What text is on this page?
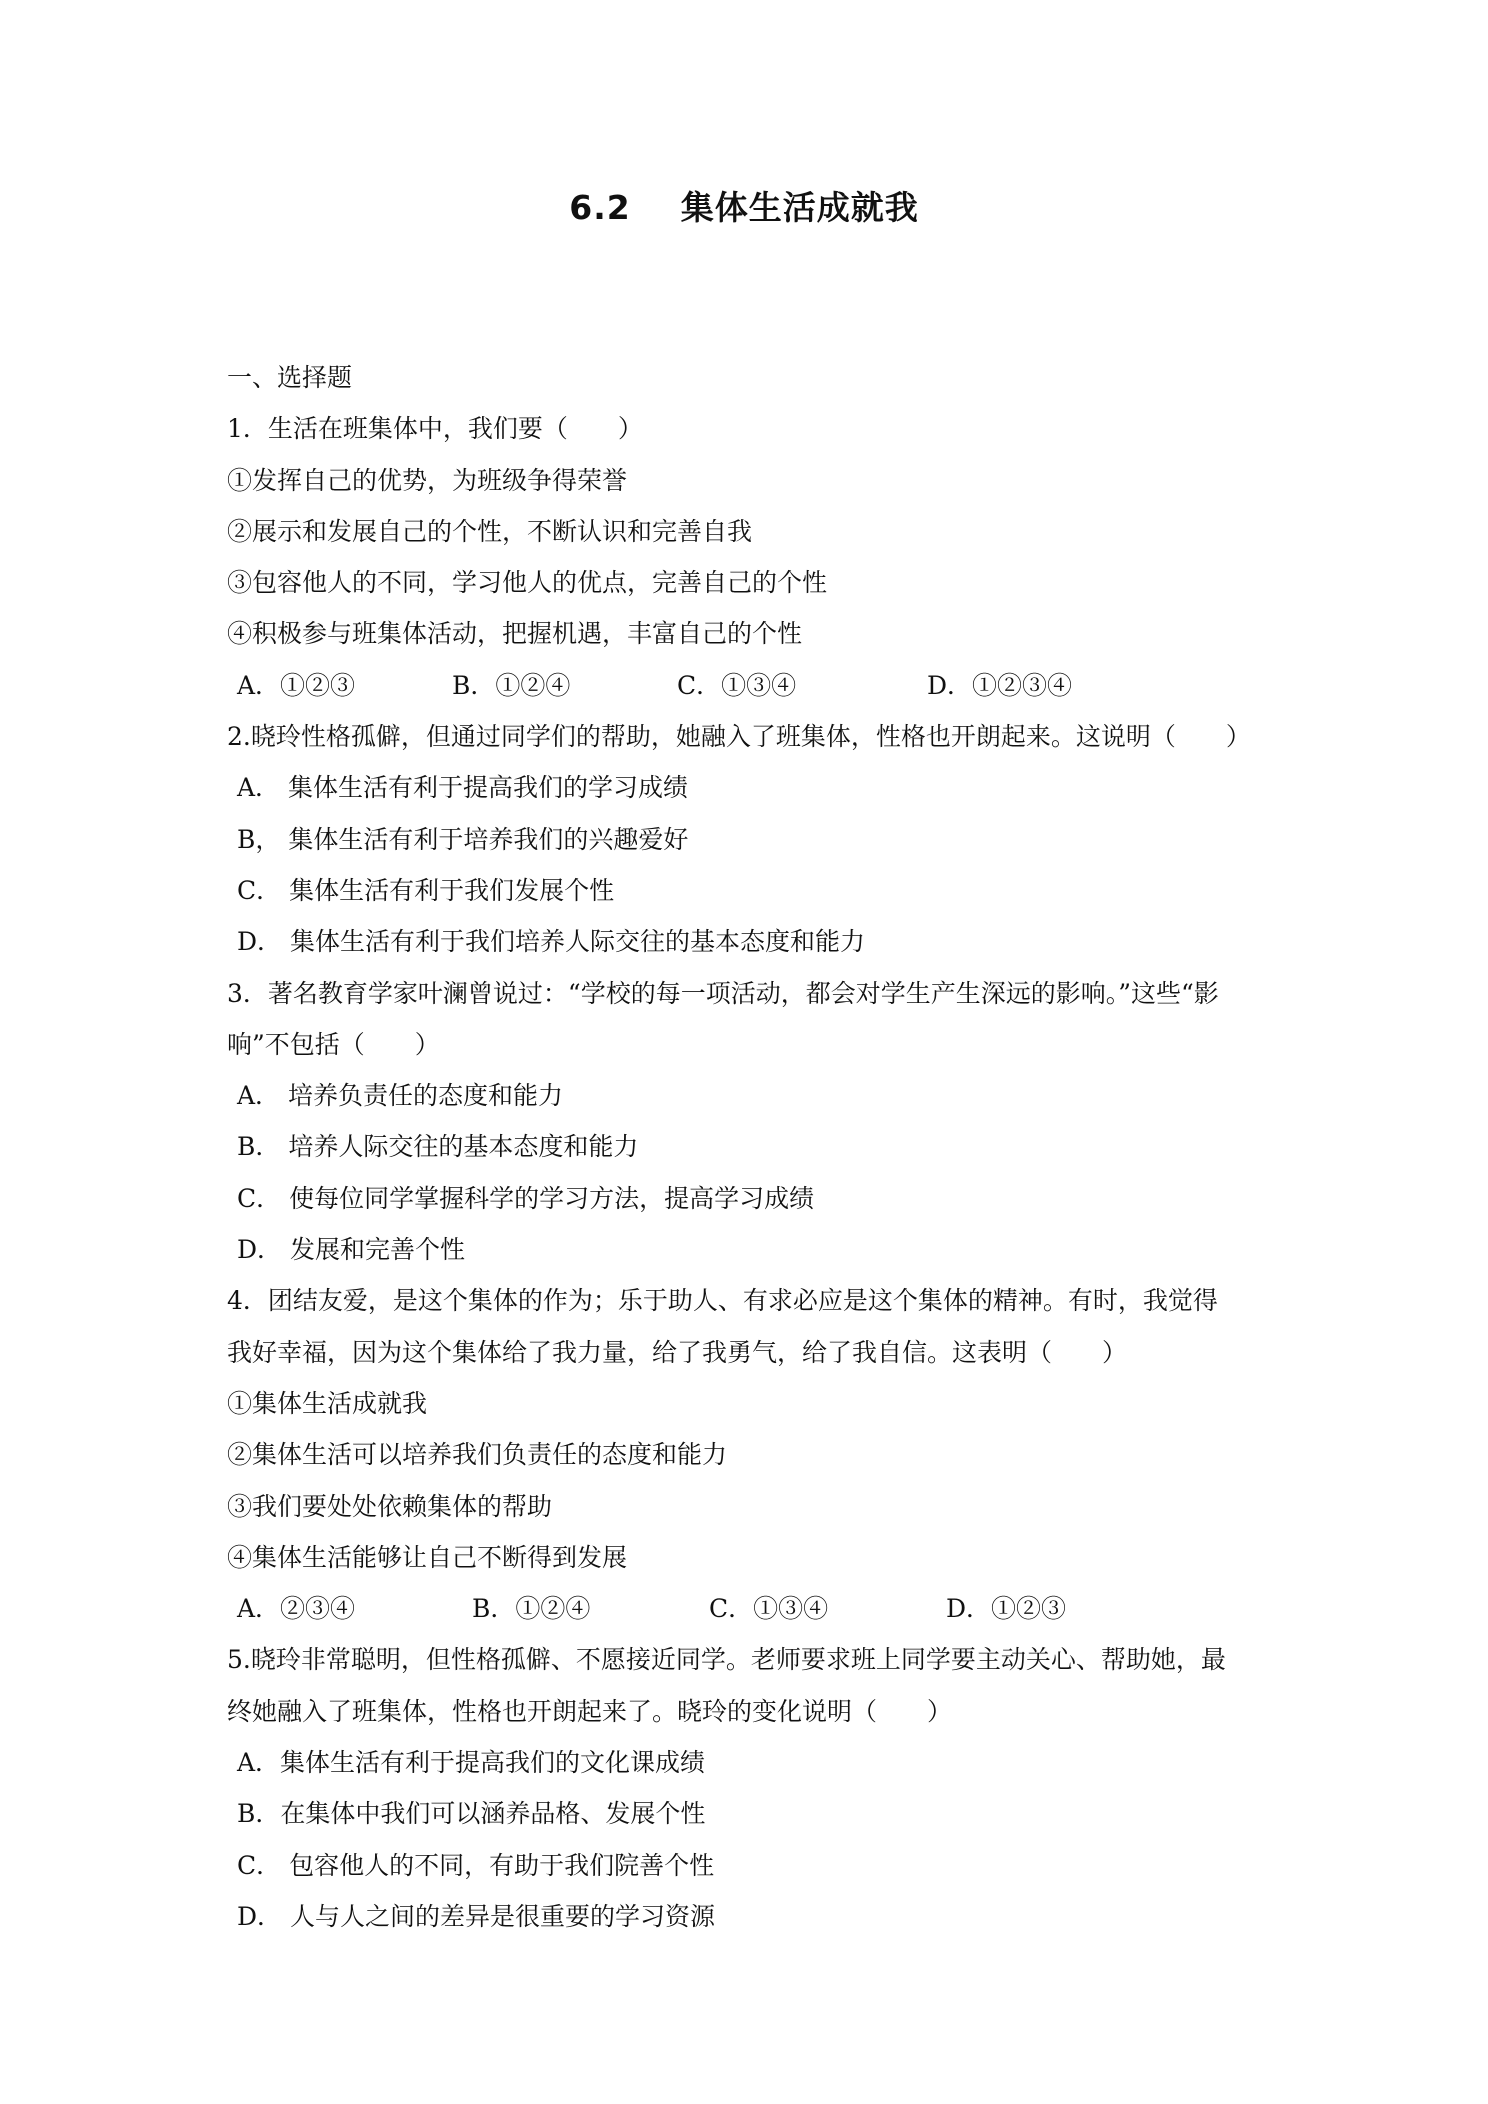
6.2    集体生活成就我
一、选择题
1．生活在班集体中，我们要（　　）
①发挥自己的优势，为班级争得荣誉
②展示和发展自己的个性，不断认识和完善自我
③包容他人的不同，学习他人的优点，完善自己的个性
④积极参与班集体活动，把握机遇，丰富自己的个性
A．①②③	B．①②④	C．①③④	D．①②③④
2.晓玲性格孤僻，但通过同学们的帮助，她融入了班集体，性格也开朗起来。这说明（　　）
A． 集体生活有利于提高我们的学习成绩
B， 集体生活有利于培养我们的兴趣爱好
C． 集体生活有利于我们发展个性
D． 集体生活有利于我们培养人际交往的基本态度和能力
3．著名教育学家叶澜曾说过：“学校的每一项活动，都会对学生产生深远的影响。”这些“影
响”不包括（　　）
A． 培养负责任的态度和能力
B． 培养人际交往的基本态度和能力
C． 使每位同学掌握科学的学习方法，提高学习成绩
D． 发展和完善个性
4．团结友爱，是这个集体的作为；乐于助人、有求必应是这个集体的精神。有时，我觉得
我好幸福，因为这个集体给了我力量，给了我勇气，给了我自信。这表明（　　）
①集体生活成就我
②集体生活可以培养我们负责任的态度和能力
③我们要处处依赖集体的帮助
④集体生活能够让自己不断得到发展
A．②③④	B．①②④	C．①③④	D．①②③
5.晓玲非常聪明，但性格孤僻、不愿接近同学。老师要求班上同学要主动关心、帮助她，最
终她融入了班集体，性格也开朗起来了。晓玲的变化说明（　　）
A．集体生活有利于提高我们的文化课成绩
B．在集体中我们可以涵养品格、发展个性
C． 包容他人的不同，有助于我们院善个性
D． 人与人之间的差异是很重要的学习资源
